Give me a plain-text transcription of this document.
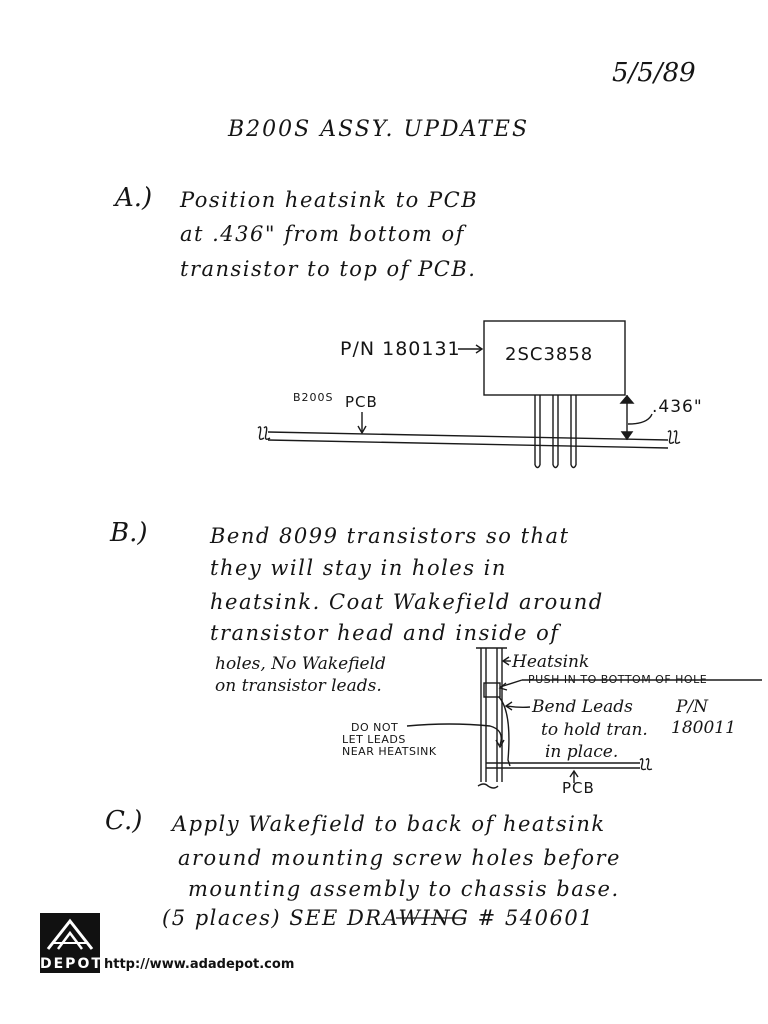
5/5/89
B200S ASSY. UPDATES
A.) Position heatsink to PCB
at .436" from bottom of
transistor to top of PCB.
P/N 180131 2SC3858
B200S PCB	.436"
B.)	Bend 8099 transistors so that
they will stay in holes in
heatsink. Coat Wakefield around
transistor head and inside of
holes, No Wakefield
on transistor leads.
Heatsink
PUSH IN TO BOTTOM OF HOLE
Bend Leads
to hold tran.
in place.
P/N
180011
DO NOT
LET LEADS
NEAR HEATSINK
PCB
C.) Apply Wakefield to back of heatsink
around mounting screw holes before
mounting assembly to chassis base.
(5 places) SEE DRAWING # 540601
DEPOT http://www.adadepot.com
